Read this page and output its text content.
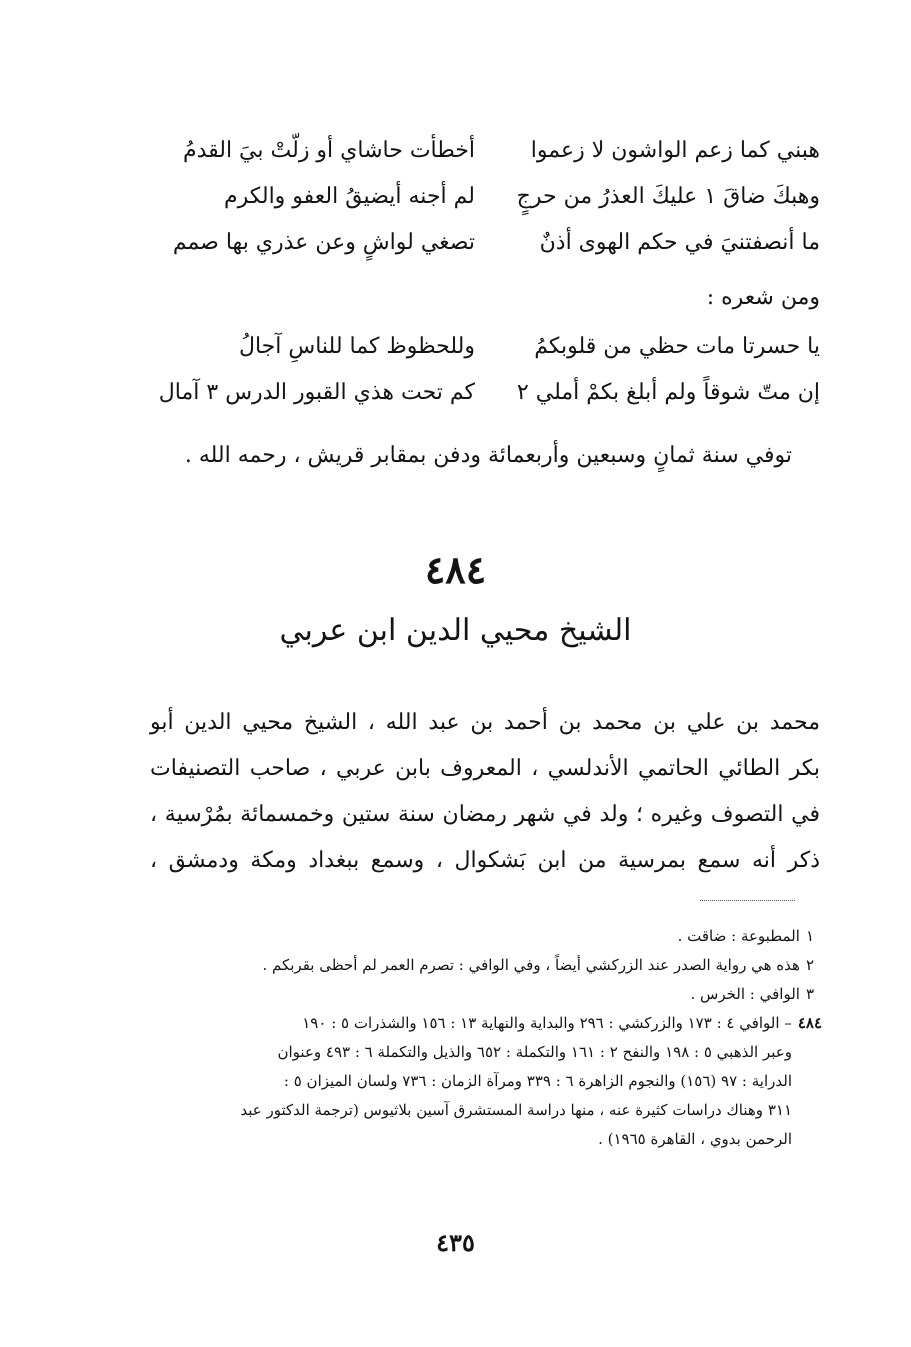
هبني كما زعم الواشون لا زعموا
أخطأت حاشاي أو زلّتْ بيَ القدمُ
وهبكَ ضاقَ ١ عليكَ العذرُ من حرجٍ
لم أجنه أيضيقُ العفو والكرم
ما أنصفتنيَ في حكم الهوى أذنٌ
تصغي لواشٍ وعن عذري بها صمم
ومن شعره :
يا حسرتا مات حظي من قلوبكمُ
وللحظوظ كما للناسِ آجالُ
إن متّ شوقاً ولم أبلغ بكمْ أملي ٢
كم تحت هذي القبور الدرس ٣ آمال
توفي سنة ثمانٍ وسبعين وأربعمائة ودفن بمقابر قريش ، رحمه الله .
٤٨٤
الشيخ محيي الدين ابن عربي

محمد بن علي بن محمد بن أحمد بن عبد الله ، الشيخ محيي الدين أبو

بكر الطائي الحاتمي الأندلسي ، المعروف بابن عربي ، صاحب التصنيفات

في التصوف وغيره ؛ ولد في شهر رمضان سنة ستين وخمسمائة بمُرْسية ،

ذكر أنه سمع بمرسية من ابن بَشكوال ، وسمع ببغداد ومكة ودمشق ،

١المطبوعة : ضاقت .

٢هذه هي رواية الصدر عند الزركشي أيضاً ، وفي الوافي : تصرم العمر لم أحظى بقربكم .

٣الوافي : الخرس .

٤٨٤– الوافي ٤ : ١٧٣ والزركشي : ٢٩٦ والبداية والنهاية ١٣ : ١٥٦ والشذرات ٥ : ١٩٠
وعبر الذهبي ٥ : ١٩٨ والنفح ٢ : ١٦١ والتكملة : ٦٥٢ والذيل والتكملة ٦ : ٤٩٣ وعنوان
الدراية : ٩٧ (١٥٦) والنجوم الزاهرة ٦ : ٣٣٩ ومرآة الزمان : ٧٣٦ ولسان الميزان ٥ :
٣١١ وهناك دراسات كثيرة عنه ، منها دراسة المستشرق آسين بلاثيوس (ترجمة الدكتور عبد
الرحمن بدوي ، القاهرة ١٩٦٥) .
٤٣٥
